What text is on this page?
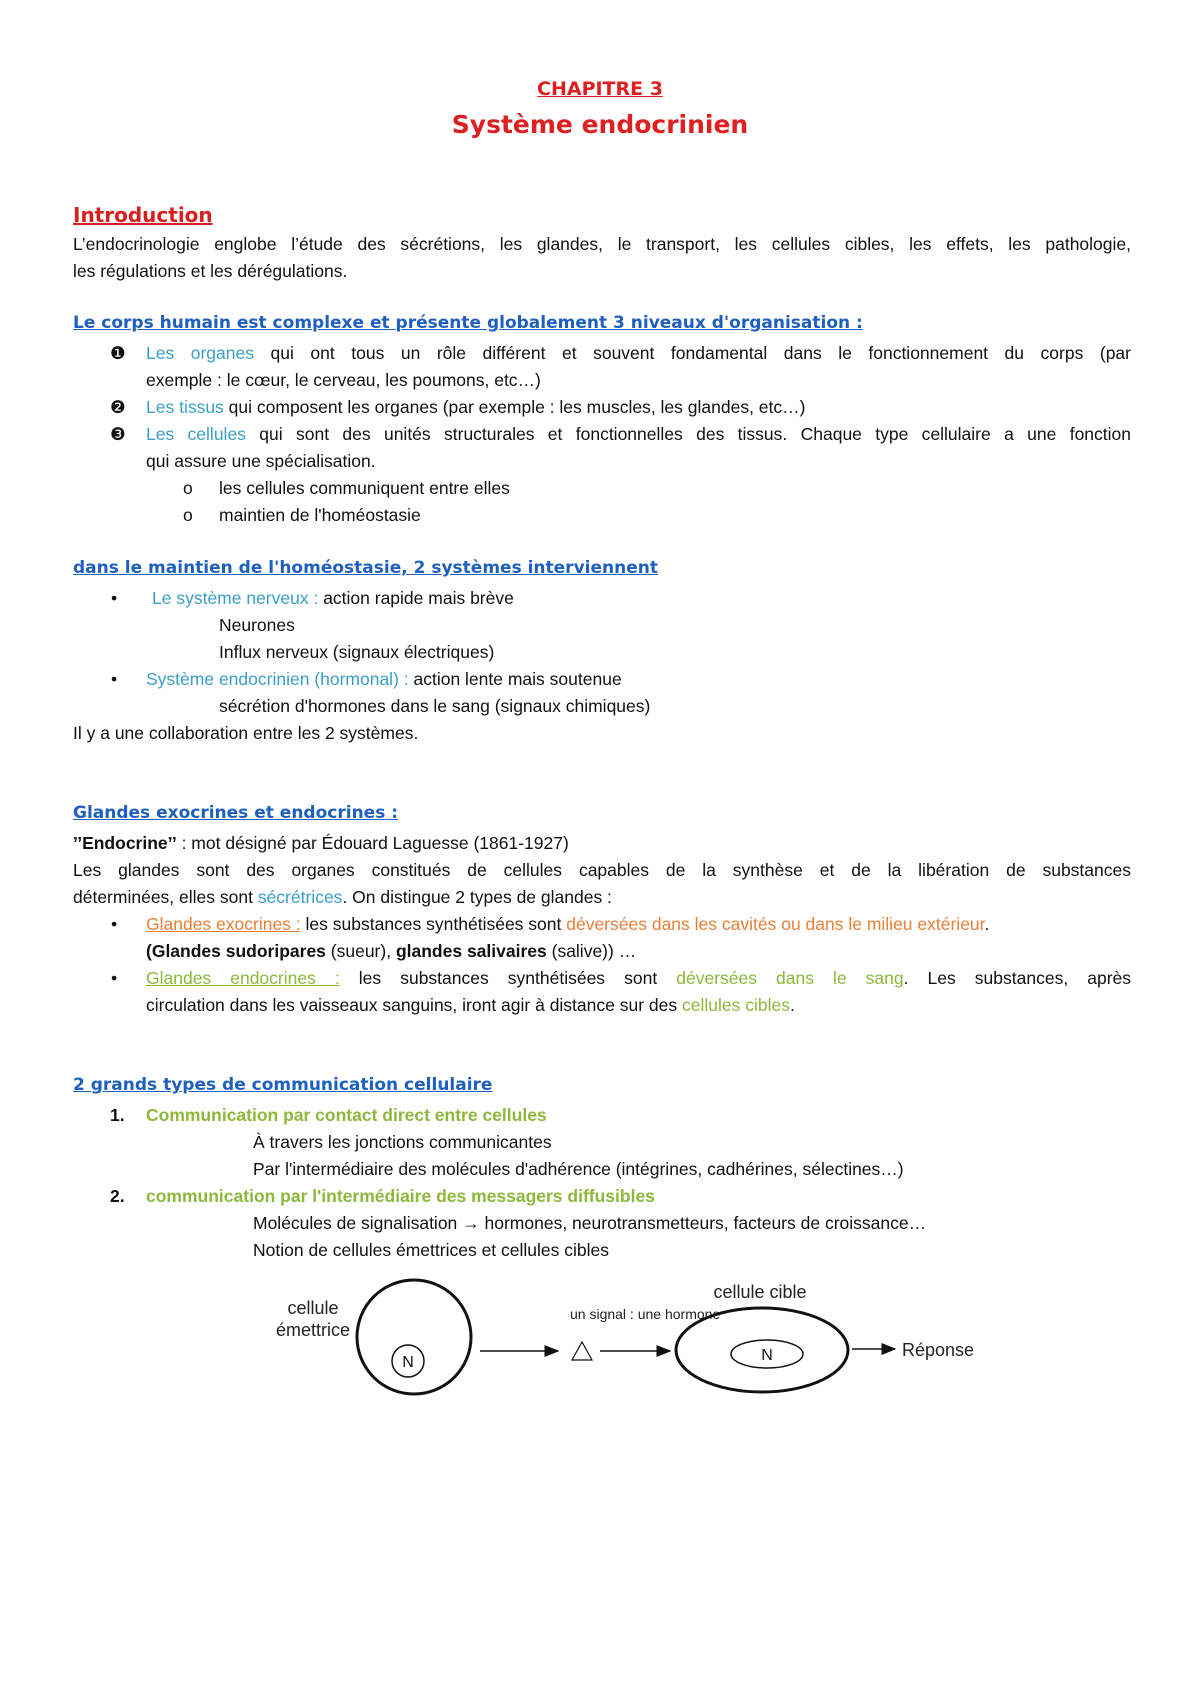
CHAPITRE 3
Système endocrinien
Introduction
L’endocrinologie englobe l’étude des sécrétions, les glandes, le transport, les cellules cibles, les effets, les pathologie,
les régulations et les dérégulations.
Le corps humain est complexe et présente globalement 3 niveaux d'organisation :
❶ Les organes qui ont tous un rôle différent et souvent fondamental dans le fonctionnement du corps (par
exemple : le cœur, le cerveau, les poumons, etc…)
❷ Les tissus qui composent les organes (par exemple : les muscles, les glandes, etc…)
❸ Les cellules qui sont des unités structurales et fonctionnelles des tissus. Chaque type cellulaire a une fonction
qui assure une spécialisation.
o les cellules communiquent entre elles
o maintien de l'homéostasie
dans le maintien de l'homéostasie, 2 systèmes interviennent
• Le système nerveux : action rapide mais brève
Neurones
Influx nerveux (signaux électriques)
• Système endocrinien (hormonal) : action lente mais soutenue
sécrétion d'hormones dans le sang (signaux chimiques)
Il y a une collaboration entre les 2 systèmes.
Glandes exocrines et endocrines :
’’Endocrine’’ : mot désigné par Édouard Laguesse (1861-1927)
Les glandes sont des organes constitués de cellules capables de la synthèse et de la libération de substances
déterminées, elles sont sécrétrices. On distingue 2 types de glandes :
• Glandes exocrines : les substances synthétisées sont déversées dans les cavités ou dans le milieu extérieur.
(Glandes sudoripares (sueur), glandes salivaires (salive)) …
• Glandes endocrines : les substances synthétisées sont déversées dans le sang. Les substances, après
circulation dans les vaisseaux sanguins, iront agir à distance sur des cellules cibles.
2 grands types de communication cellulaire
1. Communication par contact direct entre cellules
À travers les jonctions communicantes
Par l'intermédiaire des molécules d'adhérence (intégrines, cadhérines, sélectines…)
2. communication par l'intermédiaire des messagers diffusibles
Molécules de signalisation → hormones, neurotransmetteurs, facteurs de croissance…
Notion de cellules émettrices et cellules cibles
cellule
émettrice
N
un signal : une hormone
cellule cible
N	Réponse
